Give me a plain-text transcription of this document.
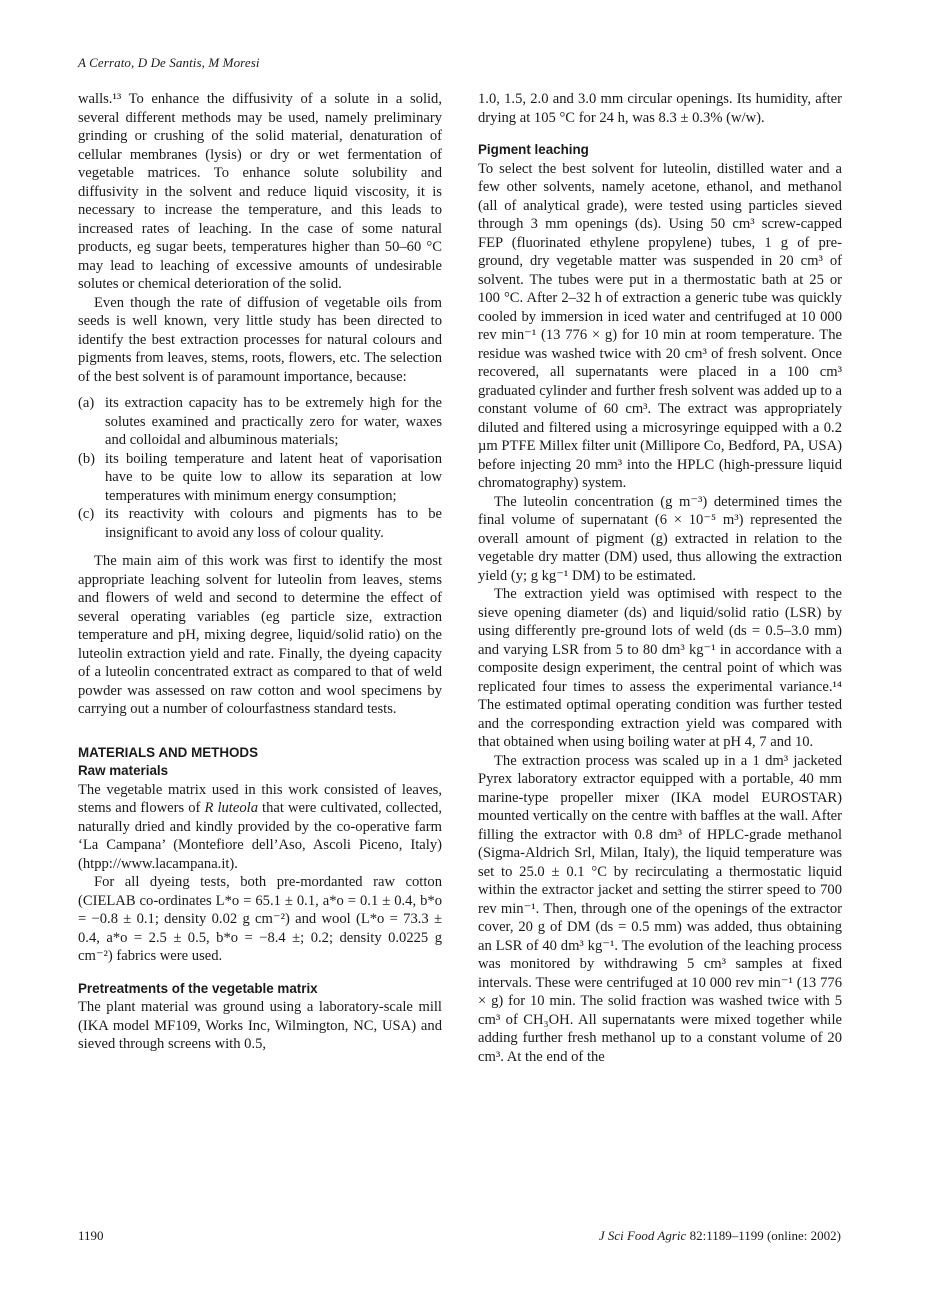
A Cerrato, D De Santis, M Moresi

walls.¹³ To enhance the diffusivity of a solute in a solid, several different methods may be used, namely preliminary grinding or crushing of the solid material, denaturation of cellular membranes (lysis) or dry or wet fermentation of vegetable matrices. To enhance solute solubility and diffusivity in the solvent and reduce liquid viscosity, it is necessary to increase the temperature, and this leads to increased rates of leaching. In the case of some natural products, eg sugar beets, temperatures higher than 50–60 °C may lead to leaching of excessive amounts of undesirable solutes or chemical deterioration of the solid.

Even though the rate of diffusion of vegetable oils from seeds is well known, very little study has been directed to identify the best extraction processes for natural colours and pigments from leaves, stems, roots, flowers, etc. The selection of the best solvent is of paramount importance, because:

(a) its extraction capacity has to be extremely high for the solutes examined and practically zero for water, waxes and colloidal and albuminous materials;
(b) its boiling temperature and latent heat of vaporisation have to be quite low to allow its separation at low temperatures with minimum energy consumption;
(c) its reactivity with colours and pigments has to be insignificant to avoid any loss of colour quality.

The main aim of this work was first to identify the most appropriate leaching solvent for luteolin from leaves, stems and flowers of weld and second to determine the effect of several operating variables (eg particle size, extraction temperature and pH, mixing degree, liquid/solid ratio) on the luteolin extraction yield and rate. Finally, the dyeing capacity of a luteolin concentrated extract as compared to that of weld powder was assessed on raw cotton and wool specimens by carrying out a number of colourfastness standard tests.

MATERIALS AND METHODS
Raw materials

The vegetable matrix used in this work consisted of leaves, stems and flowers of R luteola that were cultivated, collected, naturally dried and kindly provided by the co-operative farm ‘La Campana’ (Montefiore dell’Aso, Ascoli Piceno, Italy) (htpp://www.lacampana.it).

For all dyeing tests, both pre-mordanted raw cotton (CIELAB co-ordinates L*o = 65.1 ± 0.1, a*o = 0.1 ± 0.4, b*o = −0.8 ± 0.1; density 0.02 g cm⁻²) and wool (L*o = 73.3 ± 0.4, a*o = 2.5 ± 0.5, b*o = −8.4 ±; 0.2; density 0.0225 g cm⁻²) fabrics were used.

Pretreatments of the vegetable matrix

The plant material was ground using a laboratory-scale mill (IKA model MF109, Works Inc, Wilmington, NC, USA) and sieved through screens with 0.5,

1.0, 1.5, 2.0 and 3.0 mm circular openings. Its humidity, after drying at 105 °C for 24 h, was 8.3 ± 0.3% (w/w).

Pigment leaching

To select the best solvent for luteolin, distilled water and a few other solvents, namely acetone, ethanol, and methanol (all of analytical grade), were tested using particles sieved through 3 mm openings (ds). Using 50 cm³ screw-capped FEP (fluorinated ethylene propylene) tubes, 1 g of pre-ground, dry vegetable matter was suspended in 20 cm³ of solvent. The tubes were put in a thermostatic bath at 25 or 100 °C. After 2–32 h of extraction a generic tube was quickly cooled by immersion in iced water and centrifuged at 10 000 rev min⁻¹ (13 776 × g) for 10 min at room temperature. The residue was washed twice with 20 cm³ of fresh solvent. Once recovered, all supernatants were placed in a 100 cm³ graduated cylinder and further fresh solvent was added up to a constant volume of 60 cm³. The extract was appropriately diluted and filtered using a microsyringe equipped with a 0.2 µm PTFE Millex filter unit (Millipore Co, Bedford, PA, USA) before injecting 20 mm³ into the HPLC (high-pressure liquid chromatography) system.

The luteolin concentration (g m⁻³) determined times the final volume of supernatant (6 × 10⁻⁵ m³) represented the overall amount of pigment (g) extracted in relation to the vegetable dry matter (DM) used, thus allowing the extraction yield (y; g kg⁻¹ DM) to be estimated.

The extraction yield was optimised with respect to the sieve opening diameter (ds) and liquid/solid ratio (LSR) by using differently pre-ground lots of weld (ds = 0.5–3.0 mm) and varying LSR from 5 to 80 dm³ kg⁻¹ in accordance with a composite design experiment, the central point of which was replicated four times to assess the experimental variance.¹⁴ The estimated optimal operating condition was further tested and the corresponding extraction yield was compared with that obtained when using boiling water at pH 4, 7 and 10.

The extraction process was scaled up in a 1 dm³ jacketed Pyrex laboratory extractor equipped with a portable, 40 mm marine-type propeller mixer (IKA model EUROSTAR) mounted vertically on the centre with baffles at the wall. After filling the extractor with 0.8 dm³ of HPLC-grade methanol (Sigma-Aldrich Srl, Milan, Italy), the liquid temperature was set to 25.0 ± 0.1 °C by recirculating a thermostatic liquid within the extractor jacket and setting the stirrer speed to 700 rev min⁻¹. Then, through one of the openings of the extractor cover, 20 g of DM (ds = 0.5 mm) was added, thus obtaining an LSR of 40 dm³ kg⁻¹. The evolution of the leaching process was monitored by withdrawing 5 cm³ samples at fixed intervals. These were centrifuged at 10 000 rev min⁻¹ (13 776 × g) for 10 min. The solid fraction was washed twice with 5 cm³ of CH₃OH. All supernatants were mixed together while adding further fresh methanol up to a constant volume of 20 cm³. At the end of the

1190	J Sci Food Agric 82:1189–1199 (online: 2002)
